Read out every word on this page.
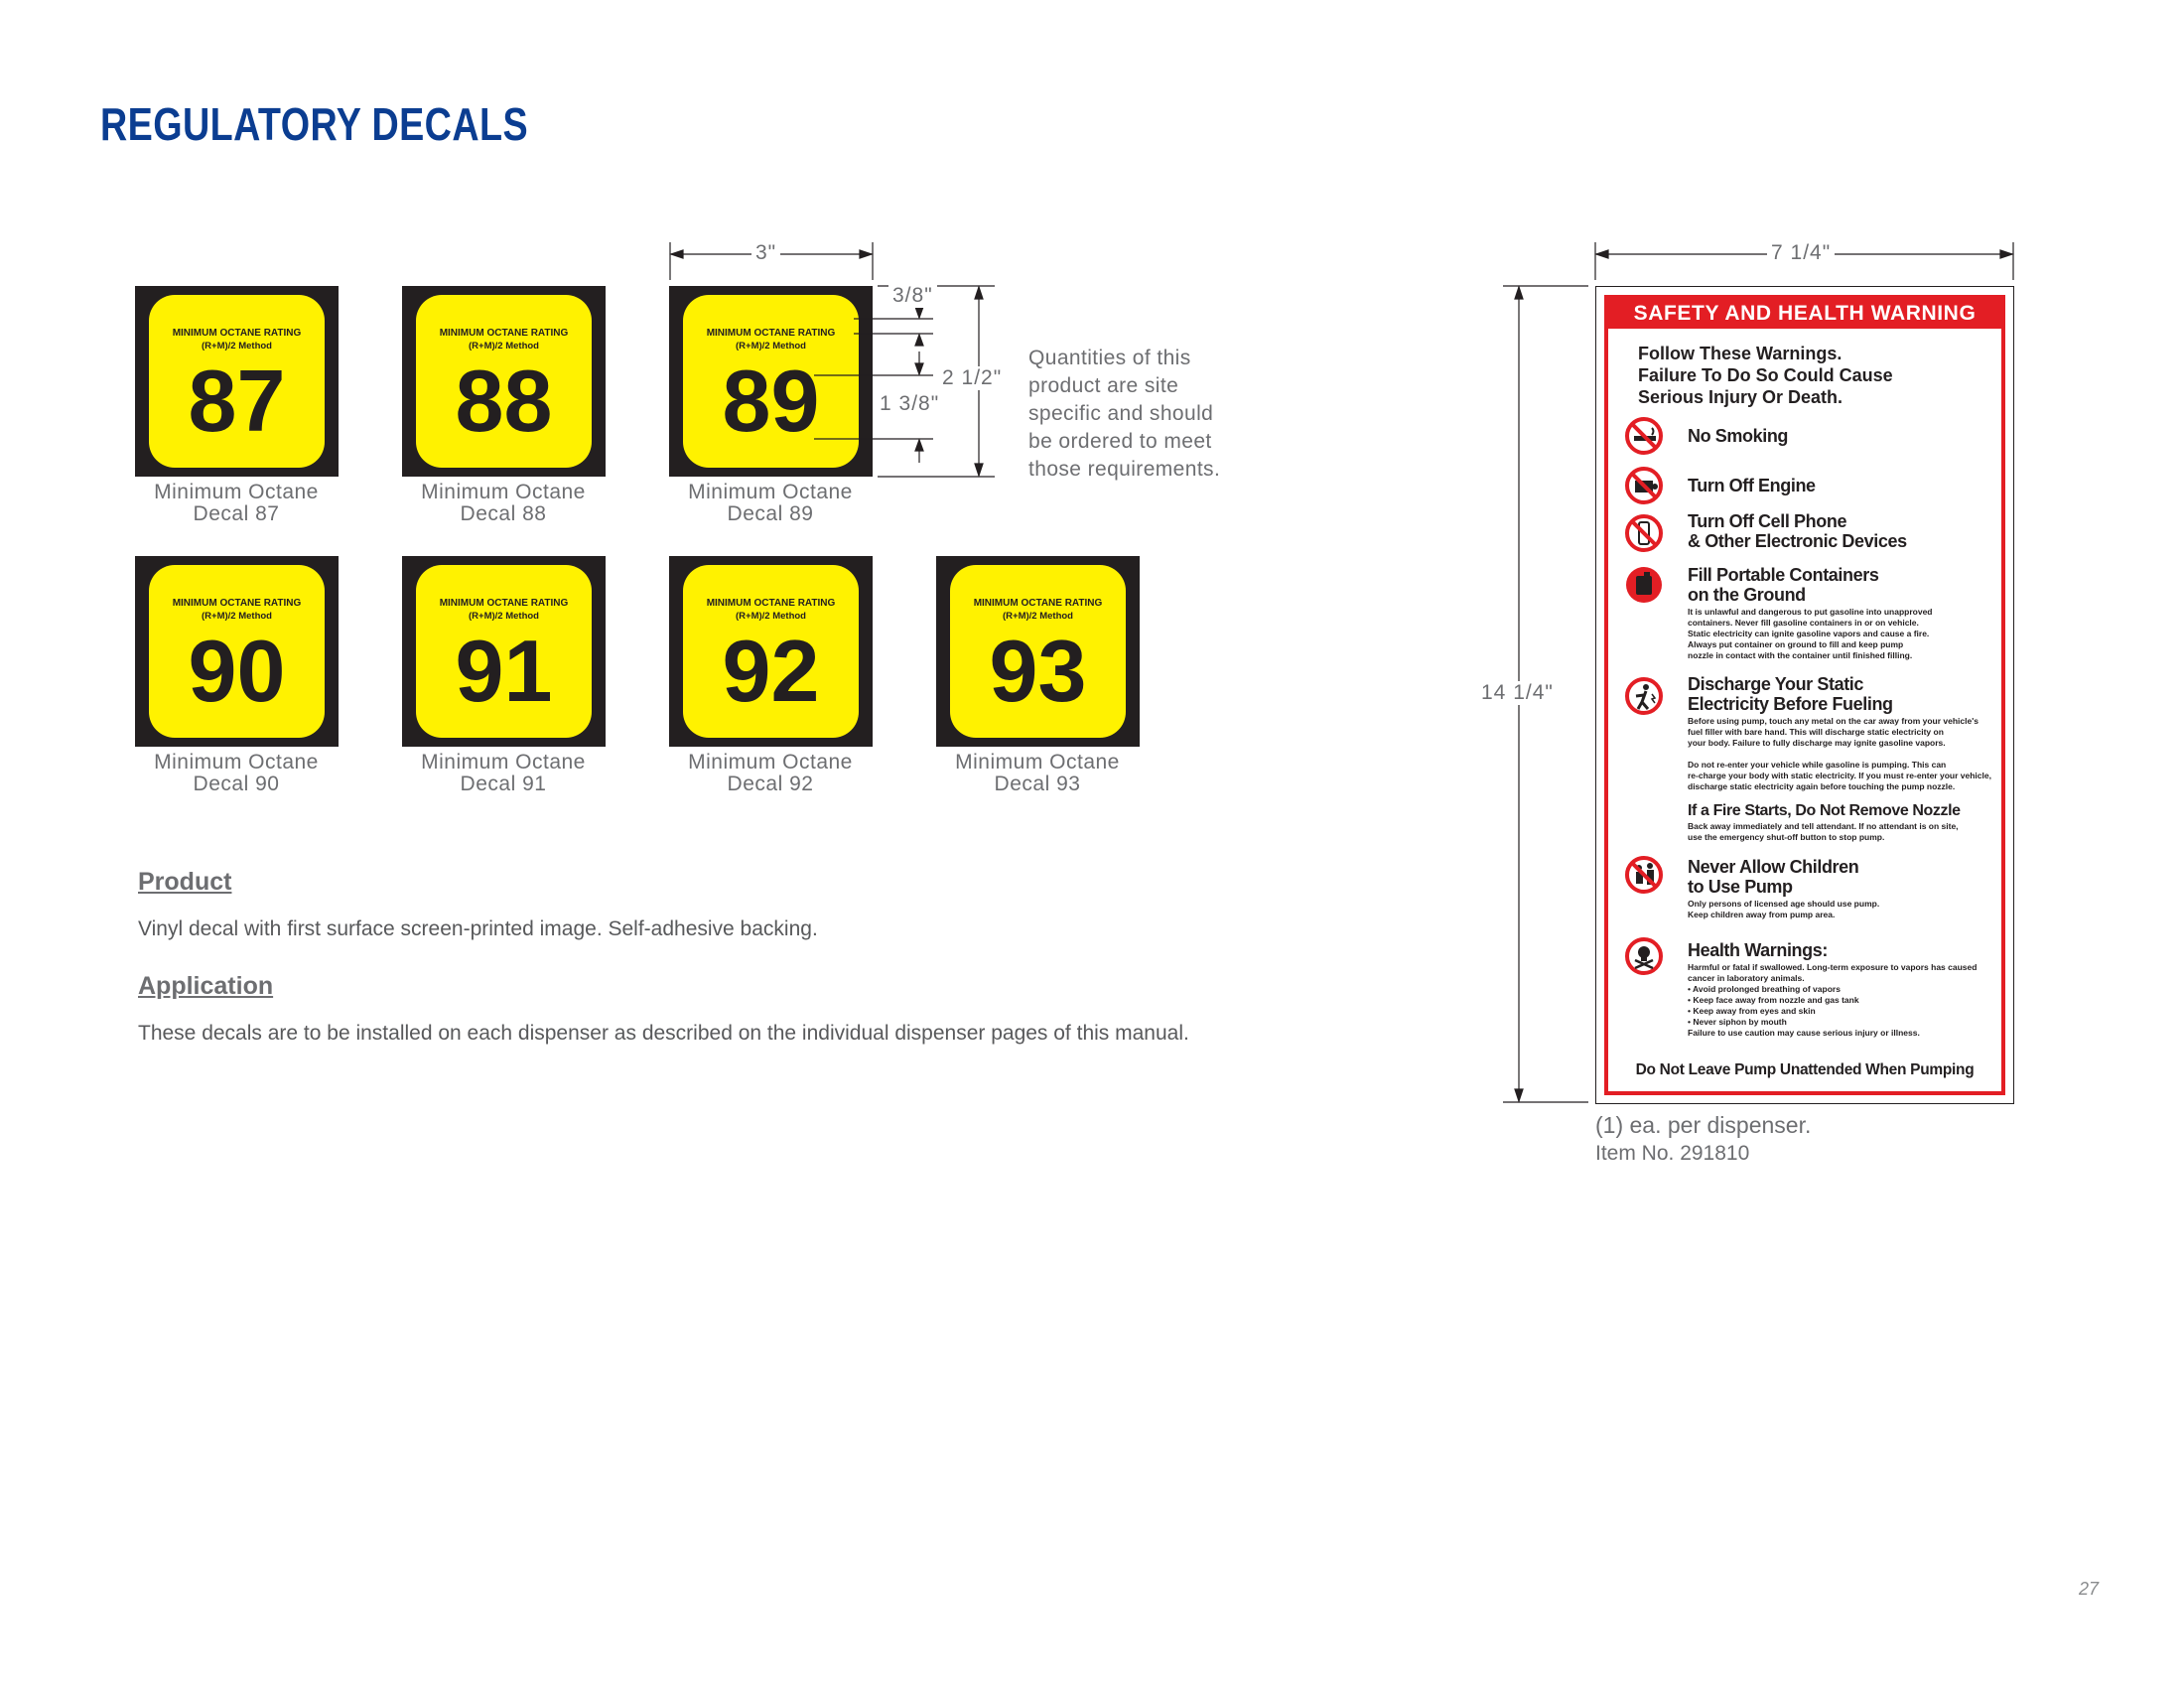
REGULATORY DECALS
MINIMUM OCTANE RATING
(R+M)/2 Method
87
Minimum Octane
Decal 87
MINIMUM OCTANE RATING
(R+M)/2 Method
88
Minimum Octane
Decal 88
MINIMUM OCTANE RATING
(R+M)/2 Method
89
Minimum Octane
Decal 89
MINIMUM OCTANE RATING
(R+M)/2 Method
90
Minimum Octane
Decal 90
MINIMUM OCTANE RATING
(R+M)/2 Method
91
Minimum Octane
Decal 91
MINIMUM OCTANE RATING
(R+M)/2 Method
92
Minimum Octane
Decal 92
MINIMUM OCTANE RATING
(R+M)/2 Method
93
Minimum Octane
Decal 93
3"
3/8"
2 1/2"
1 3/8"
7 1/4"
14 1/4"
Quantities of this
product are site
specific and should
be ordered to meet
those requirements.
Product
Vinyl decal with first surface screen-printed image. Self-adhesive backing.
Application
These decals are to be installed on each dispenser as described on the individual dispenser pages of this manual.
SAFETY AND HEALTH WARNING
Follow These Warnings.
Failure To Do So Could Cause
Serious Injury Or Death.
No Smoking
Turn Off Engine
Turn Off Cell Phone
& Other Electronic Devices
Fill Portable Containers
on the Ground
It is unlawful and dangerous to put gasoline into unapproved
containers. Never fill gasoline containers in or on vehicle.
Static electricity can ignite gasoline vapors and cause a fire.
Always put container on ground to fill and keep pump
nozzle in contact with the container until finished filling.
Discharge Your Static
Electricity Before Fueling
Before using pump, touch any metal on the car away from your vehicle's
fuel filler with bare hand. This will discharge static electricity on
your body. Failure to fully discharge may ignite gasoline vapors.

Do not re-enter your vehicle while gasoline is pumping. This can
re-charge your body with static electricity. If you must re-enter your vehicle,
discharge static electricity again before touching the pump nozzle.
If a Fire Starts, Do Not Remove Nozzle
Back away immediately and tell attendant. If no attendant is on site,
use the emergency shut-off button to stop pump.
Never Allow Children
to Use Pump
Only persons of licensed age should use pump.
Keep children away from pump area.
Health Warnings:
Harmful or fatal if swallowed. Long-term exposure to vapors has caused
cancer in laboratory animals.
• Avoid prolonged breathing of vapors
• Keep face away from nozzle and gas tank
• Keep away from eyes and skin
• Never siphon by mouth
Failure to use caution may cause serious injury or illness.
Do Not Leave Pump Unattended When Pumping
(1) ea. per dispenser.
Item No. 291810
27
